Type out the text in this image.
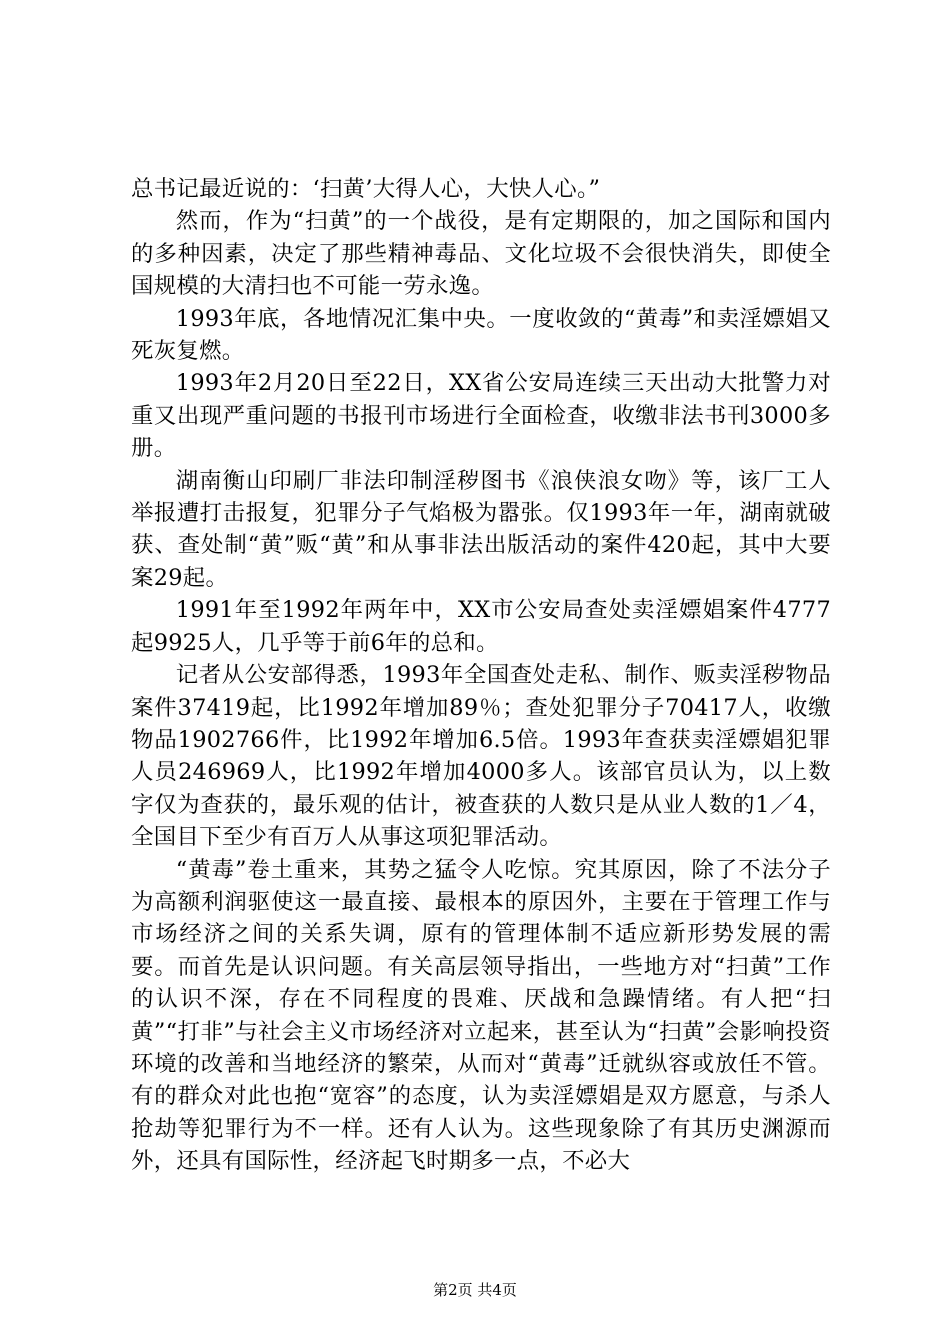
总书记最近说的：‘扫黄’大得人心，大快人心。”

然而，作为“扫黄”的一个战役，是有定期限的，加之国际和国内的多种因素，决定了那些精神毒品、文化垃圾不会很快消失，即使全国规模的大清扫也不可能一劳永逸。

1993年底，各地情况汇集中央。一度收敛的“黄毒”和卖淫嫖娼又死灰复燃。

1993年2月20日至22日，XX省公安局连续三天出动大批警力对重又出现严重问题的书报刊市场进行全面检查，收缴非法书刊3000多册。

湖南衡山印刷厂非法印制淫秽图书《浪侠浪女吻》等，该厂工人举报遭打击报复，犯罪分子气焰极为嚣张。仅1993年一年，湖南就破获、查处制“黄”贩“黄”和从事非法出版活动的案件420起，其中大要案29起。

1991年至1992年两年中，XX市公安局查处卖淫嫖娼案件4777起9925人，几乎等于前6年的总和。

记者从公安部得悉，1993年全国查处走私、制作、贩卖淫秽物品案件37419起，比1992年增加89％；查处犯罪分子70417人，收缴物品1902766件，比1992年增加6.5倍。1993年查获卖淫嫖娼犯罪人员246969人，比1992年增加4000多人。该部官员认为，以上数字仅为查获的，最乐观的估计，被查获的人数只是从业人数的1／4，全国目下至少有百万人从事这项犯罪活动。

“黄毒”卷土重来，其势之猛令人吃惊。究其原因，除了不法分子为高额利润驱使这一最直接、最根本的原因外，主要在于管理工作与市场经济之间的关系失调，原有的管理体制不适应新形势发展的需要。而首先是认识问题。有关高层领导指出，一些地方对“扫黄”工作的认识不深，存在不同程度的畏难、厌战和急躁情绪。有人把“扫黄”“打非”与社会主义市场经济对立起来，甚至认为“扫黄”会影响投资环境的改善和当地经济的繁荣，从而对“黄毒”迁就纵容或放任不管。有的群众对此也抱“宽容”的态度，认为卖淫嫖娼是双方愿意，与杀人抢劫等犯罪行为不一样。还有人认为。这些现象除了有其历史渊源而外，还具有国际性，经济起飞时期多一点，不必大

第2页 共4页
